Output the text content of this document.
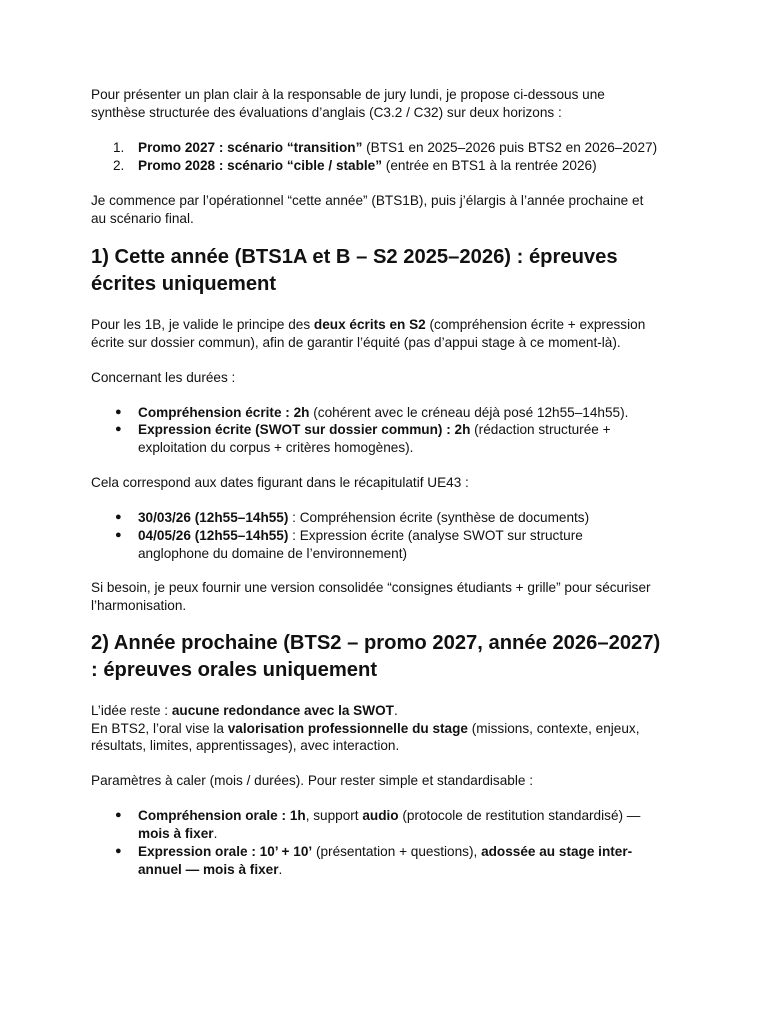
Pour présenter un plan clair à la responsable de jury lundi, je propose ci-dessous une
synthèse structurée des évaluations d’anglais (C3.2 / C32) sur deux horizons :

1. Promo 2027 : scénario “transition” (BTS1 en 2025–2026 puis BTS2 en 2026–2027)
2. Promo 2028 : scénario “cible / stable” (entrée en BTS1 à la rentrée 2026)

Je commence par l’opérationnel “cette année” (BTS1B), puis j’élargis à l’année prochaine et
au scénario final.

1) Cette année (BTS1A et B – S2 2025–2026) : épreuves
écrites uniquement

Pour les 1B, je valide le principe des deux écrits en S2 (compréhension écrite + expression
écrite sur dossier commun), afin de garantir l’équité (pas d’appui stage à ce moment-là).

Concernant les durées :

● Compréhension écrite : 2h (cohérent avec le créneau déjà posé 12h55–14h55).
● Expression écrite (SWOT sur dossier commun) : 2h (rédaction structurée +
exploitation du corpus + critères homogènes).

Cela correspond aux dates figurant dans le récapitulatif UE43 :

● 30/03/26 (12h55–14h55) : Compréhension écrite (synthèse de documents)
● 04/05/26 (12h55–14h55) : Expression écrite (analyse SWOT sur structure
anglophone du domaine de l’environnement)

Si besoin, je peux fournir une version consolidée “consignes étudiants + grille” pour sécuriser
l’harmonisation.

2) Année prochaine (BTS2 – promo 2027, année 2026–2027)
: épreuves orales uniquement

L’idée reste : aucune redondance avec la SWOT.
En BTS2, l’oral vise la valorisation professionnelle du stage (missions, contexte, enjeux,
résultats, limites, apprentissages), avec interaction.

Paramètres à caler (mois / durées). Pour rester simple et standardisable :

● Compréhension orale : 1h, support audio (protocole de restitution standardisé) —
mois à fixer.
● Expression orale : 10’ + 10’ (présentation + questions), adossée au stage inter-
annuel — mois à fixer.
